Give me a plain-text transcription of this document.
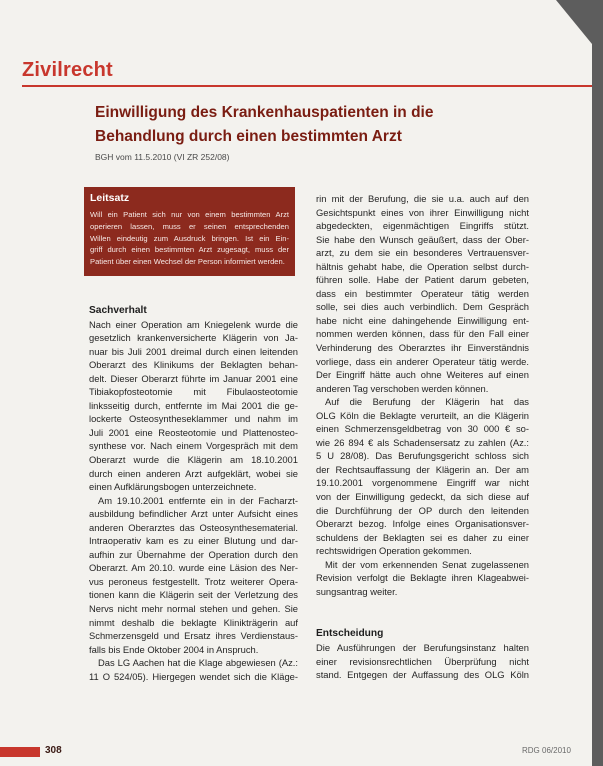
Zivilrecht
Einwilligung des Krankenhauspatienten in die
Behandlung durch einen bestimmten Arzt
BGH vom 11.5.2010 (VI ZR 252/08)
Leitsatz
Will ein Patient sich nur von einem bestimmten Arzt
operieren lassen, muss er seinen entsprechenden
Willen eindeutig zum Ausdruck bringen. Ist ein Ein-
griff durch einen bestimmten Arzt zugesagt, muss der
Patient über einen Wechsel der Person informiert werden.
Sachverhalt
Nach einer Operation am Kniegelenk wurde die
gesetzlich krankenversicherte Klägerin von Ja-
nuar bis Juli 2001 dreimal durch einen leitenden
Oberarzt des Klinikums der Beklagten behan-
delt. Dieser Oberarzt führte im Januar 2001 eine
Tibiakopfosteotomie mit Fibulaosteotomie
linksseitig durch, entfernte im Mai 2001 die ge-
lockerte Osteosyntheseklammer und nahm im
Juli 2001 eine Reosteotomie und Plattenosteo-
synthese vor. Nach einem Vorgespräch mit dem
Oberarzt wurde die Klägerin am 18.10.2001
durch einen anderen Arzt aufgeklärt, wobei sie
einen Aufklärungsbogen unterzeichnete.
Am 19.10.2001 entfernte ein in der Facharzt-
ausbildung befindlicher Arzt unter Aufsicht eines
anderen Oberarztes das Osteosynthesematerial.
Intraoperativ kam es zu einer Blutung und dar-
aufhin zur Übernahme der Operation durch den
Oberarzt. Am 20.10. wurde eine Läsion des Ner-
vus peroneus festgestellt. Trotz weiterer Opera-
tionen kann die Klägerin seit der Verletzung des
Nervs nicht mehr normal stehen und gehen. Sie
nimmt deshalb die beklagte Klinikträgerin auf
Schmerzensgeld und Ersatz ihres Verdienstaus-
falls bis Ende Oktober 2004 in Anspruch.
Das LG Aachen hat die Klage abgewiesen (Az.:
11 O 524/05). Hiergegen wendet sich die Kläge-
rin mit der Berufung, die sie u.a. auch auf den
Gesichtspunkt eines von ihrer Einwilligung nicht
abgedeckten, eigenmächtigen Eingriffs stützt.
Sie habe den Wunsch geäußert, dass der Ober-
arzt, zu dem sie ein besonderes Vertrauensver-
hältnis gehabt habe, die Operation selbst durch-
führen solle. Habe der Patient darum gebeten,
dass ein bestimmter Operateur tätig werden
solle, sei dies auch verbindlich. Dem Gespräch
habe nicht eine dahingehende Einwilligung ent-
nommen werden können, dass für den Fall einer
Verhinderung des Oberarztes ihr Einverständnis
vorliege, dass ein anderer Operateur tätig werde.
Der Eingriff hätte auch ohne Weiteres auf einen
anderen Tag verschoben werden können.
Auf die Berufung der Klägerin hat das
OLG Köln die Beklagte verurteilt, an die Klägerin
einen Schmerzensgeldbetrag von 30 000 € so-
wie 26 894 € als Schadensersatz zu zahlen (Az.:
5 U 28/08). Das Berufungsgericht schloss sich
der Rechtsauffassung der Klägerin an. Der am
19.10.2001 vorgenommene Eingriff war nicht
von der Einwilligung gedeckt, da sich diese auf
die Durchführung der OP durch den leitenden
Oberarzt bezog. Infolge eines Organisationsver-
schuldens der Beklagten sei es daher zu einer
rechtswidrigen Operation gekommen.
Mit der vom erkennenden Senat zugelassenen
Revision verfolgt die Beklagte ihren Klageabwei-
sungsantrag weiter.
Entscheidung
Die Ausführungen der Berufungsinstanz halten
einer revisionsrechtlichen Überprüfung nicht
stand. Entgegen der Auffassung des OLG Köln
308	RDG 06/2010
